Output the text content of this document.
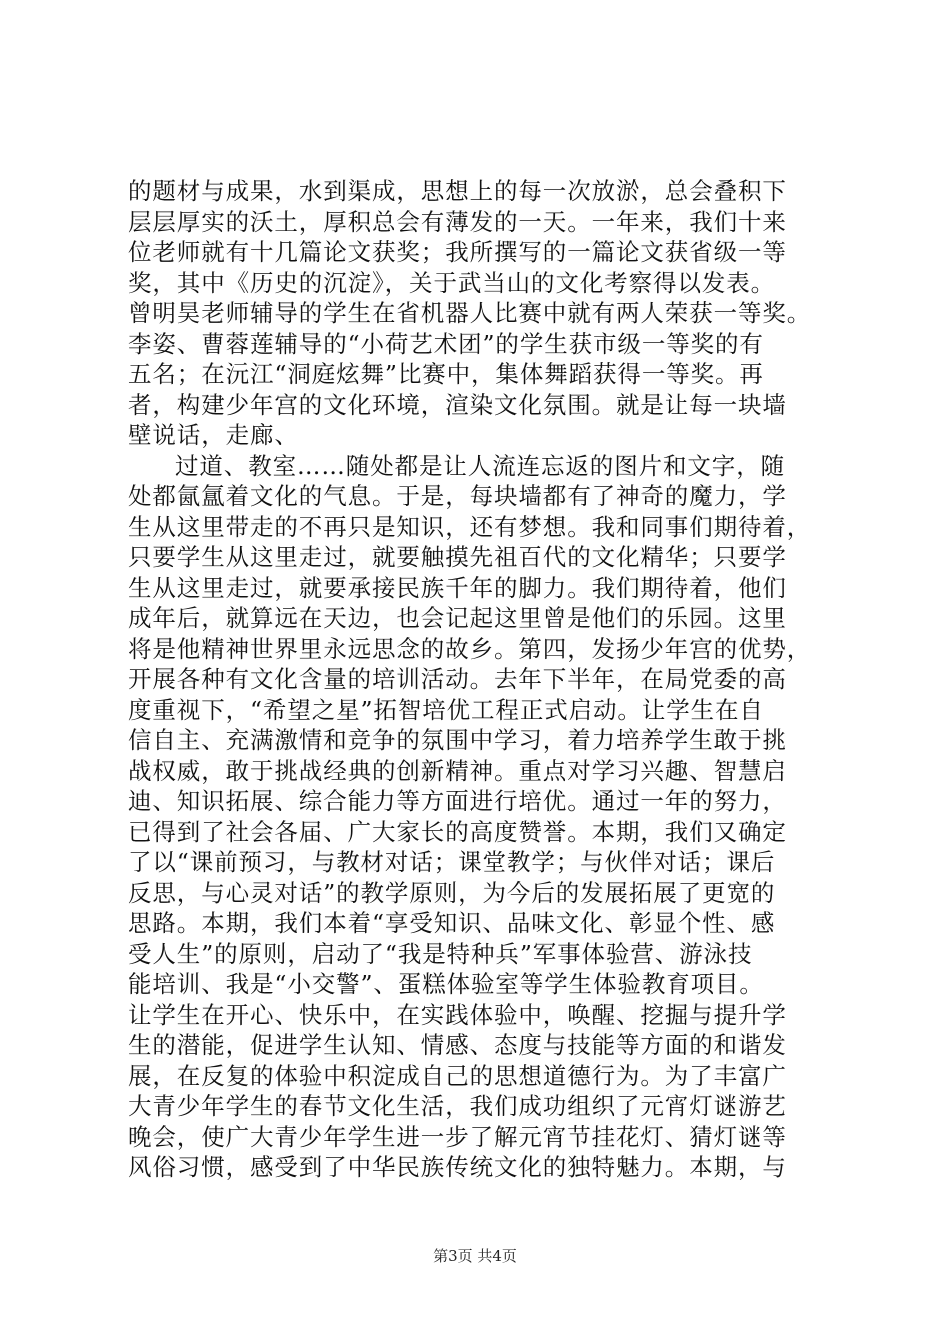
的题材与成果，水到渠成，思想上的每一次放淤，总会叠积下
层层厚实的沃土，厚积总会有薄发的一天。一年来，我们十来
位老师就有十几篇论文获奖；我所撰写的一篇论文获省级一等
奖，其中《历史的沉淀》，关于武当山的文化考察得以发表。
曾明昊老师辅导的学生在省机器人比赛中就有两人荣获一等奖。
李姿、曹蓉莲辅导的“小荷艺术团”的学生获市级一等奖的有
五名；在沅江“洞庭炫舞”比赛中，集体舞蹈获得一等奖。再
者，构建少年宫的文化环境，渲染文化氛围。就是让每一块墙
壁说话，走廊、
过道、教室……随处都是让人流连忘返的图片和文字，随
处都氤氲着文化的气息。于是，每块墙都有了神奇的魔力，学
生从这里带走的不再只是知识，还有梦想。我和同事们期待着，
只要学生从这里走过，就要触摸先祖百代的文化精华；只要学
生从这里走过，就要承接民族千年的脚力。我们期待着，他们
成年后，就算远在天边，也会记起这里曾是他们的乐园。这里
将是他精神世界里永远思念的故乡。第四，发扬少年宫的优势，
开展各种有文化含量的培训活动。去年下半年，在局党委的高
度重视下，“希望之星”拓智培优工程正式启动。让学生在自
信自主、充满激情和竞争的氛围中学习，着力培养学生敢于挑
战权威，敢于挑战经典的创新精神。重点对学习兴趣、智慧启
迪、知识拓展、综合能力等方面进行培优。通过一年的努力，
已得到了社会各届、广大家长的高度赞誉。本期，我们又确定
了以“课前预习，与教材对话；课堂教学；与伙伴对话；课后
反思，与心灵对话”的教学原则，为今后的发展拓展了更宽的
思路。本期，我们本着“享受知识、品味文化、彰显个性、感
受人生”的原则，启动了“我是特种兵”军事体验营、游泳技
能培训、我是“小交警”、蛋糕体验室等学生体验教育项目。
让学生在开心、快乐中，在实践体验中，唤醒、挖掘与提升学
生的潜能，促进学生认知、情感、态度与技能等方面的和谐发
展，在反复的体验中积淀成自己的思想道德行为。为了丰富广
大青少年学生的春节文化生活，我们成功组织了元宵灯谜游艺
晚会，使广大青少年学生进一步了解元宵节挂花灯、猜灯谜等
风俗习惯，感受到了中华民族传统文化的独特魅力。本期，与
第3页 共4页
